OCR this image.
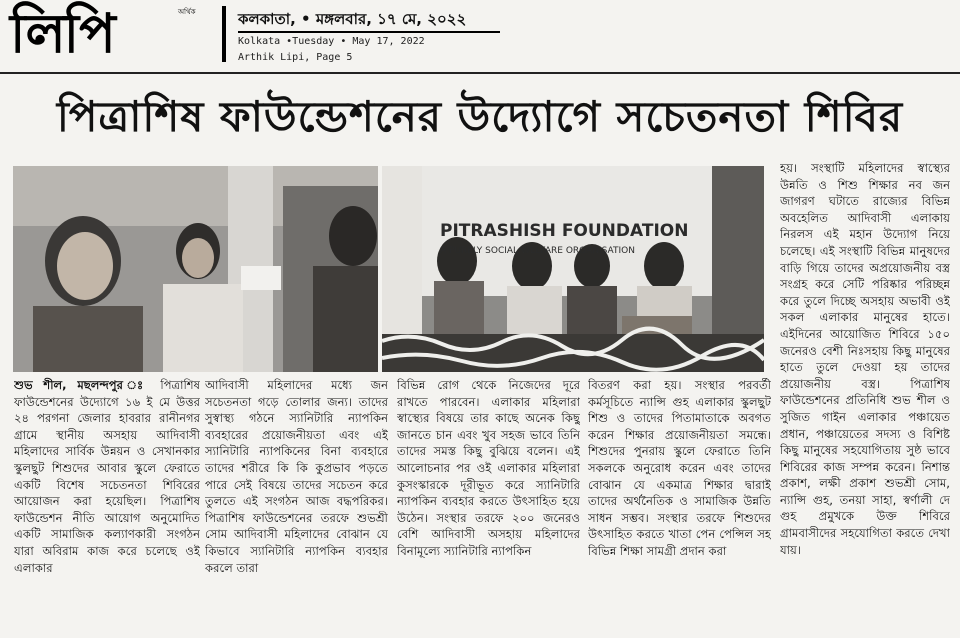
লিপি	অর্থিক	কলকাতা, • মঙ্গলবার, ১৭ মে, ২০২২
Kolkata •Tuesday • May 17, 2022
Arthik Lipi, Page 5
পিত্রাশিষ ফাউন্ডেশনের উদ্যোগে সচেতনতা শিবির
PITRASHISH FOUNDATION
A PURELY SOCIAL WELFARE ORGANISATION

শুভ শীল, মছলন্দপুর ঃ পিত্রাশিষ ফাউন্ডেশনের উদ্যোগে ১৬ ই মে উত্তর ২৪ পরগনা জেলার হাবরার রানীনগর গ্রামে স্থানীয় অসহায় আদিবাসী মহিলাদের সার্বিক উন্নয়ন ও সেখানকার স্কুলছুট শিশুদের আবার স্কুলে ফেরাতে একটি বিশেষ সচেতনতা শিবিরের আয়োজন করা হয়েছিল। পিত্রাশিষ ফাউন্ডেশন নীতি আয়োগ অনুমোদিত একটি সামাজিক কল্যাণকারী সংগঠন যারা অবিরাম কাজ করে চলেছে ওই এলাকার

আদিবাসী মহিলাদের মধ্যে জন সচেতনতা গড়ে তোলার জন্য। তাদের সুস্বাস্থ্য গঠনে স্যানিটারি ন্যাপকিন ব্যবহারের প্রয়োজনীয়তা এবং এই স্যানিটারি ন্যাপকিনের বিনা ব্যবহারে তাদের শরীরে কি কি কুপ্রভাব পড়তে পারে সেই বিষয়ে তাদের সচেতন করে তুলতে এই সংগঠন আজ বদ্ধপরিকর। পিত্রাশিষ ফাউন্ডেশনের তরফে শুভশ্রী সোম আদিবাসী মহিলাদের বোঝান যে কিভাবে স্যানিটারি ন্যাপকিন ব্যবহার করলে তারা

বিভিন্ন রোগ থেকে নিজেদের দূরে রাখতে পারবেন। এলাকার মহিলারা স্বাস্থ্যের বিষয়ে তার কাছে অনেক কিছু জানতে চান এবং খুব সহজ ভাবে তিনি তাদের সমস্ত কিছু বুঝিয়ে বলেন। এই আলোচনার পর ওই এলাকার মহিলারা কুসংস্কারকে দূরীভূত করে স্যানিটারি ন্যাপকিন ব্যবহার করতে উৎসাহিত হয়ে উঠেন। সংস্থার তরফে ২০০ জনেরও বেশি আদিবাসী অসহায় মহিলাদের বিনামূল্যে স্যানিটারি ন্যাপকিন

বিতরণ করা হয়। সংস্থার পরবর্তী কর্মসূচিতে ন্যান্সি গুহ এলাকার স্কুলছুট শিশু ও তাদের পিতামাতাকে অবগত করেন শিক্ষার প্রয়োজনীয়তা সমন্ধে। শিশুদের পুনরায় স্কুলে ফেরাতে তিনি সকলকে অনুরোধ করেন এবং তাদের বোঝান যে একমাত্র শিক্ষার দ্বারাই তাদের অর্থনৈতিক ও সামাজিক উন্নতি সাধন সম্ভব। সংস্থার তরফে শিশুদের উৎসাহিত করতে খাতা পেন পেন্সিল সহ বিভিন্ন শিক্ষা সামগ্রী প্রদান করা

হয়। সংস্থাটি মহিলাদের স্বাস্থ্যের উন্নতি ও শিশু শিক্ষার নব জন জাগরণ ঘটাতে রাজ্যের বিভিন্ন অবহেলিত আদিবাসী এলাকায় নিরলস এই মহান উদ্যোগ নিয়ে চলেছে। এই সংস্থাটি বিভিন্ন মানুষদের বাড়ি গিয়ে তাদের অপ্রয়োজনীয় বস্ত্র সংগ্রহ করে সেটি পরিষ্কার পরিচ্ছন্ন করে তুলে দিচ্ছে অসহায় অভাবী ওই সকল এলাকার মানুষের হাতে। এইদিনের আয়োজিত শিবিরে ১৫০ জনেরও বেশী নিঃসহায় কিছু মানুষের হাতে তুলে দেওয়া হয় তাদের প্রয়োজনীয় বস্ত্র। পিত্রাশিষ ফাউন্ডেশনের প্রতিনিধি শুভ শীল ও সুজিত গাইন এলাকার পঞ্চায়েত প্রধান, পঞ্চায়েতের সদস্য ও বিশিষ্ট কিছু মানুষের সহযোগিতায় সুষ্ঠ ভাবে শিবিরের কাজ সম্পন্ন করেন। নিশান্ত প্রকাশ, লক্ষী প্রকাশ শুভশ্রী সোম, ন্যান্সি গুহ, তনয়া সাহা, স্বর্ণালী দে গুহ প্রমুখকে উক্ত শিবিরে গ্রামবাসীদের সহযোগিতা করতে দেখা যায়।
